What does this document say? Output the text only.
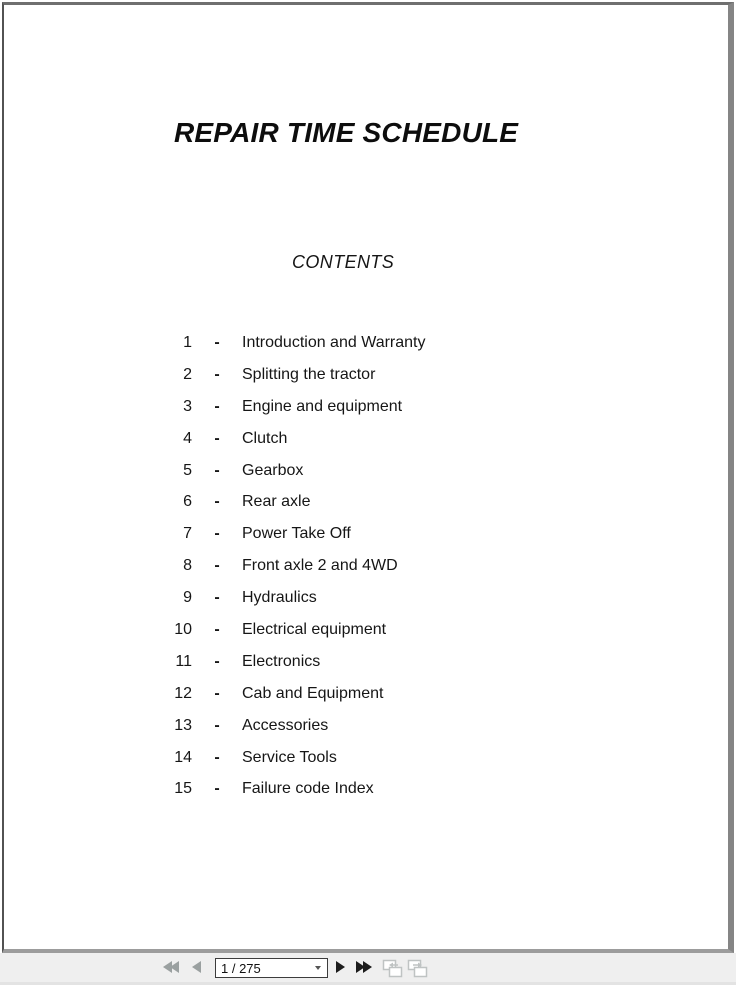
REPAIR TIME SCHEDULE
CONTENTS
1	-	Introduction and Warranty
2	-	Splitting the tractor
3	-	Engine and equipment
4	-	Clutch
5	-	Gearbox
6	-	Rear axle
7	-	Power Take Off
8	-	Front axle 2 and 4WD
9	-	Hydraulics
10	-	Electrical equipment
11	-	Electronics
12	-	Cab and Equipment
13	-	Accessories
14	-	Service Tools
15	-	Failure code Index
1 / 275
